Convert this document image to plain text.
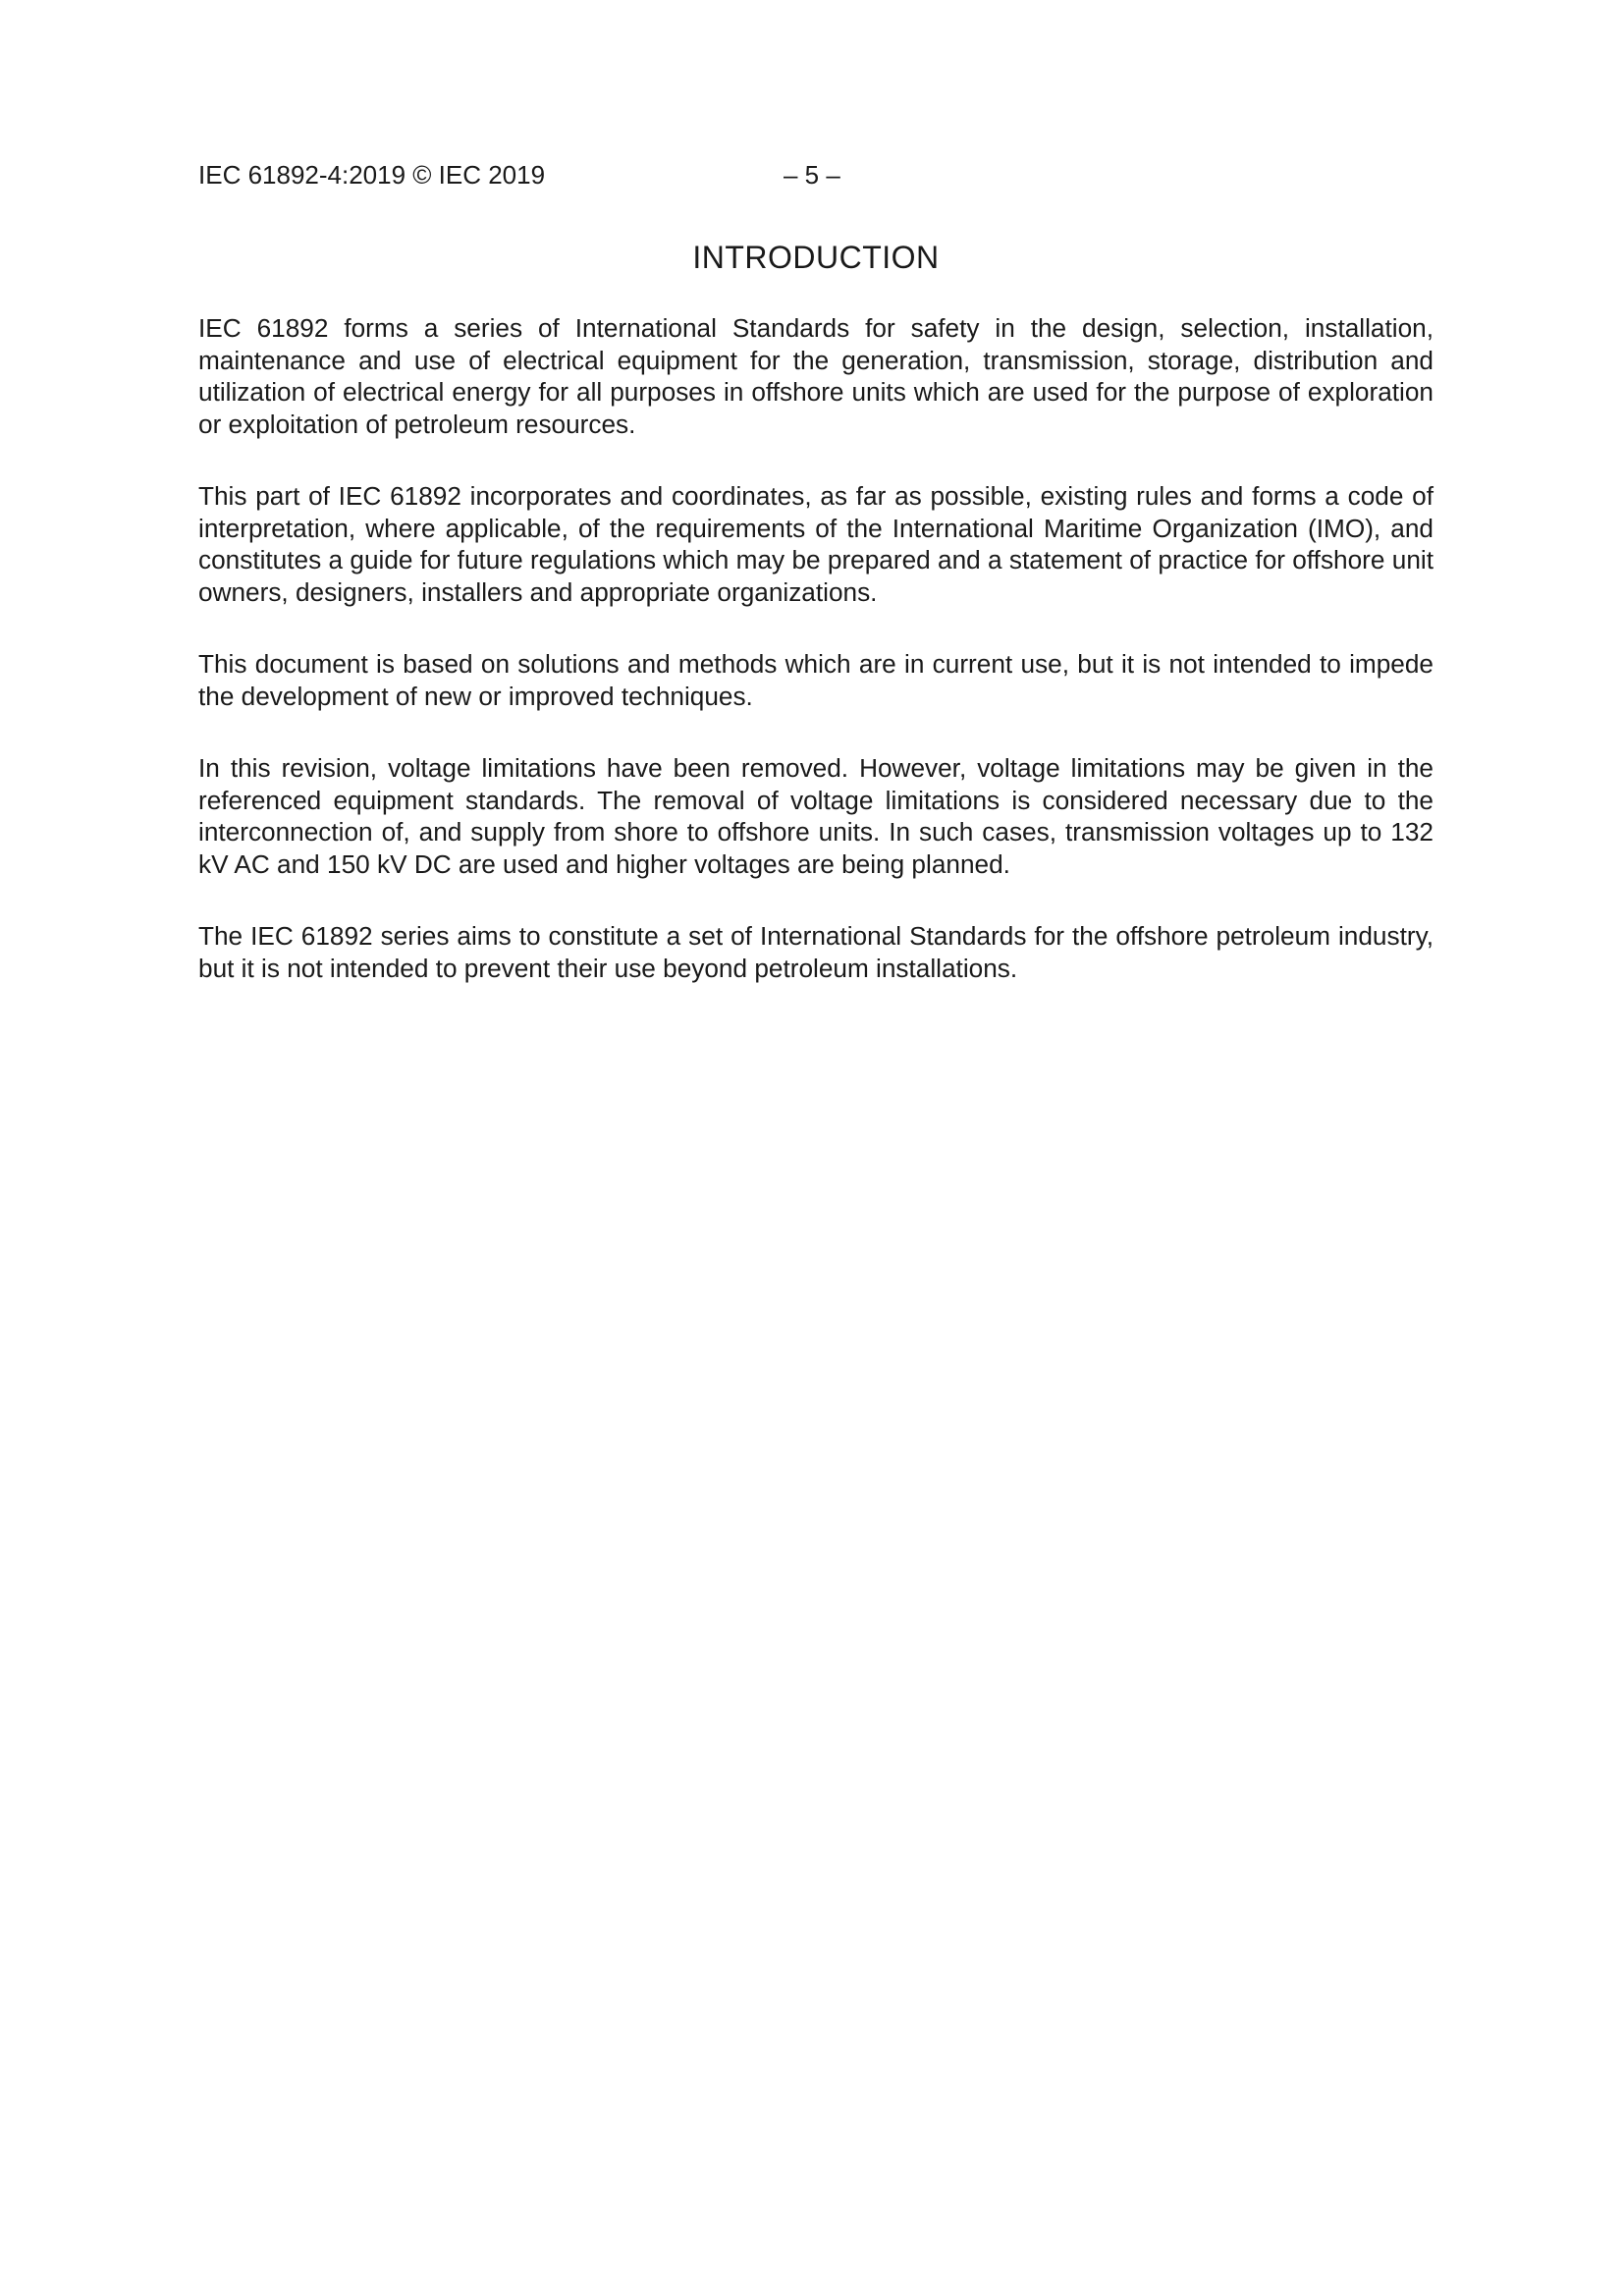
IEC 61892-4:2019 © IEC 2019	– 5 –
INTRODUCTION

IEC 61892 forms a series of International Standards for safety in the design, selection, installation, maintenance and use of electrical equipment for the generation, transmission, storage, distribution and utilization of electrical energy for all purposes in offshore units which are used for the purpose of exploration or exploitation of petroleum resources.

This part of IEC 61892 incorporates and coordinates, as far as possible, existing rules and forms a code of interpretation, where applicable, of the requirements of the International Maritime Organization (IMO), and constitutes a guide for future regulations which may be prepared and a statement of practice for offshore unit owners, designers, installers and appropriate organizations.

This document is based on solutions and methods which are in current use, but it is not intended to impede the development of new or improved techniques.

In this revision, voltage limitations have been removed. However, voltage limitations may be given in the referenced equipment standards. The removal of voltage limitations is considered necessary due to the interconnection of, and supply from shore to offshore units. In such cases, transmission voltages up to 132 kV AC and 150 kV DC are used and higher voltages are being planned.

The IEC 61892 series aims to constitute a set of International Standards for the offshore petroleum industry, but it is not intended to prevent their use beyond petroleum installations.
